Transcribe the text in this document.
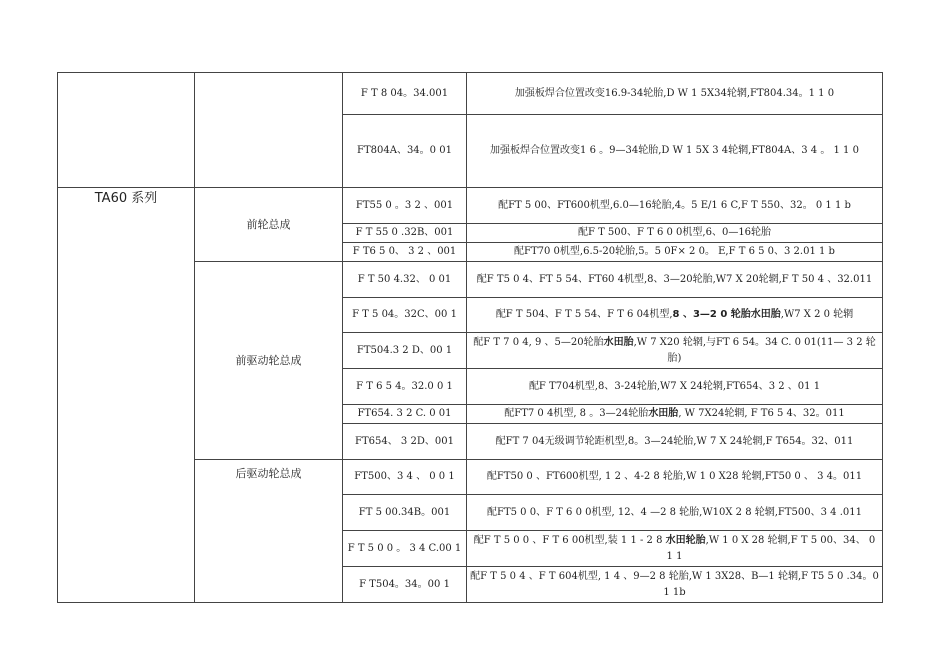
		F T 8 04。34.001	加强板焊合位置改变16.9-34轮胎,D W 1 5X34轮辋,FT804.34。1 1 0
		FT804A、34。0 01	加强板焊合位置改变1 6 。9—34轮胎,D W 1 5X 3 4轮辋,FT804A、3 4 。 1 1 0
TA60 系列	前轮总成	FT55 0 。3 2 、001	配FT 5 00、FT600机型,6.0—16轮胎,4。5 E/1 6 C,F T 550、32。 0 1 1 b
		F T 55 0 .32B、001	配F T 500、F T 6 0 0机型,6、0—16轮胎
		F T6 5 0、 3 2 、001	配FT70 0机型,6.5-20轮胎,5。5 0F× 2 0。 E,F T 6 5 0、3 2.01 1 b
	前驱动轮总成	F T 50 4.32、 0 01	配F T5 0 4、FT 5 54、FT60 4机型,8、3—20轮胎,W7 X 20轮辋,F T 50 4 、32.011
		F T 5 04。32C、00 1	配F T 504、F T 5 54、F T 6 04机型,8 、3—2 0 轮胎水田胎,W7 X 2 0 轮辋
		FT504.3 2 D、00 1	配F T 7 0 4, 9 、5—20轮胎水田胎,W 7 X20 轮辋,与FT 6 54。34 C. 0 01(11— 3 2 轮胎)
		F T 6 5 4。32.0 0 1	配F T704机型,8、3-24轮胎,W7 X 24轮辋,FT654、3 2 、01 1
		FT654. 3 2 C. 0 01	配FT7 0 4机型, 8 。3—24轮胎水田胎, W 7X24轮辋, F T6 5 4、32。011
		FT654、 3 2D、001	配FT 7 04无级调节轮距机型,8。3—24轮胎,W 7 X 24轮辋,F T654。32、011
	后驱动轮总成	FT500、3 4 、 0 0 1	配FT50 0 、FT600机型, 1 2 、4-2 8 轮胎,W 1 0 X28 轮辋,FT50 0 、 3 4。011
		FT 5 00.34B。001	配FT5 0 0、F T 6 0 0机型, 12、4 —2 8 轮胎,W10X 2 8 轮辋,FT500、3 4 .011
		F T 5 0 0 。 3 4 C.00 1	配F T 5 0 0 、F T 6 00机型,装 1 1 - 2 8 水田轮胎,W 1 0 X 28 轮辋,F T 5 00、34、 0 1 1
		F T504。34。00 1	配F T 5 0 4 、F T 604机型, 1 4 、9—2 8 轮胎,W 1 3X28、B—1 轮辋,F T5 5 0 .34。0 1 1b
